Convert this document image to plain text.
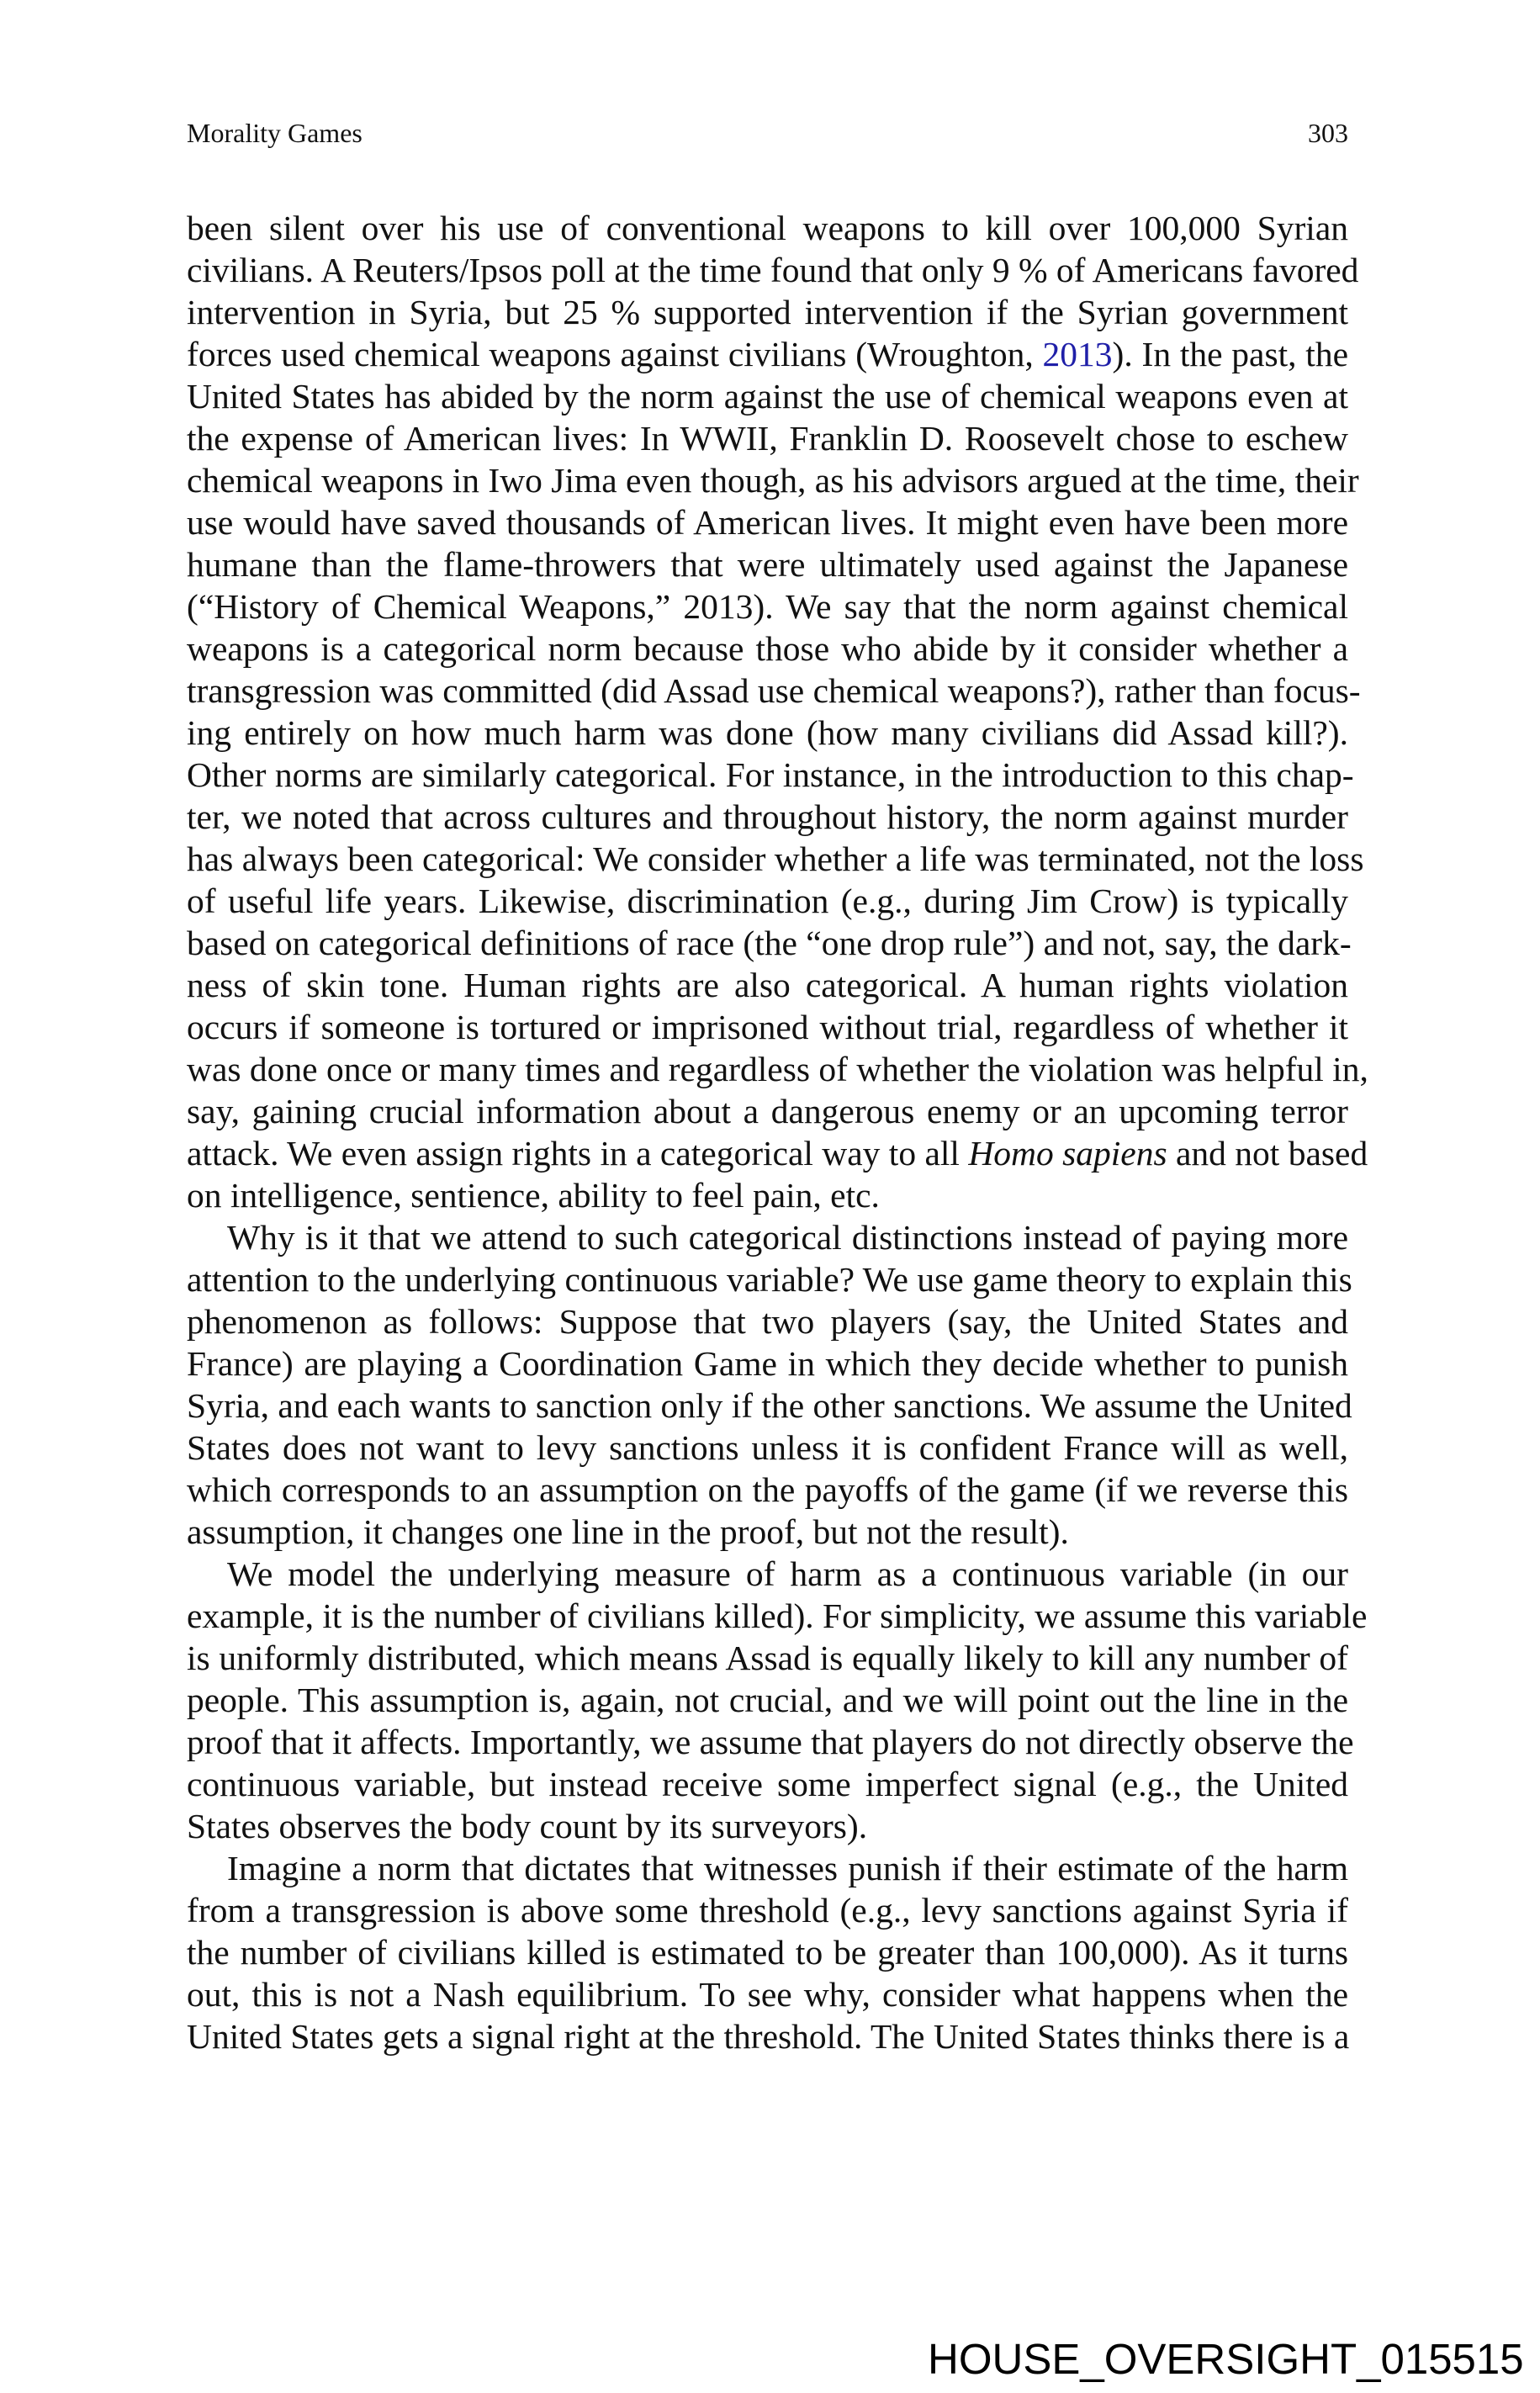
Morality Games	303
been silent over his use of conventional weapons to kill over 100,000 Syrian
civilians. A Reuters/Ipsos poll at the time found that only 9 % of Americans favored
intervention in Syria, but 25 % supported intervention if the Syrian government
forces used chemical weapons against civilians (Wroughton, 2013). In the past, the
United States has abided by the norm against the use of chemical weapons even at
the expense of American lives: In WWII, Franklin D. Roosevelt chose to eschew
chemical weapons in Iwo Jima even though, as his advisors argued at the time, their
use would have saved thousands of American lives. It might even have been more
humane than the flame-throwers that were ultimately used against the Japanese
(“History of Chemical Weapons,” 2013). We say that the norm against chemical
weapons is a categorical norm because those who abide by it consider whether a
transgression was committed (did Assad use chemical weapons?), rather than focus-
ing entirely on how much harm was done (how many civilians did Assad kill?).
Other norms are similarly categorical. For instance, in the introduction to this chap-
ter, we noted that across cultures and throughout history, the norm against murder
has always been categorical: We consider whether a life was terminated, not the loss
of useful life years. Likewise, discrimination (e.g., during Jim Crow) is typically
based on categorical definitions of race (the “one drop rule”) and not, say, the dark-
ness of skin tone. Human rights are also categorical. A human rights violation
occurs if someone is tortured or imprisoned without trial, regardless of whether it
was done once or many times and regardless of whether the violation was helpful in,
say, gaining crucial information about a dangerous enemy or an upcoming terror
attack. We even assign rights in a categorical way to all Homo sapiens and not based
on intelligence, sentience, ability to feel pain, etc.
Why is it that we attend to such categorical distinctions instead of paying more
attention to the underlying continuous variable? We use game theory to explain this
phenomenon as follows: Suppose that two players (say, the United States and
France) are playing a Coordination Game in which they decide whether to punish
Syria, and each wants to sanction only if the other sanctions. We assume the United
States does not want to levy sanctions unless it is confident France will as well,
which corresponds to an assumption on the payoffs of the game (if we reverse this
assumption, it changes one line in the proof, but not the result).
We model the underlying measure of harm as a continuous variable (in our
example, it is the number of civilians killed). For simplicity, we assume this variable
is uniformly distributed, which means Assad is equally likely to kill any number of
people. This assumption is, again, not crucial, and we will point out the line in the
proof that it affects. Importantly, we assume that players do not directly observe the
continuous variable, but instead receive some imperfect signal (e.g., the United
States observes the body count by its surveyors).
Imagine a norm that dictates that witnesses punish if their estimate of the harm
from a transgression is above some threshold (e.g., levy sanctions against Syria if
the number of civilians killed is estimated to be greater than 100,000). As it turns
out, this is not a Nash equilibrium. To see why, consider what happens when the
United States gets a signal right at the threshold. The United States thinks there is a
HOUSE_OVERSIGHT_015515
